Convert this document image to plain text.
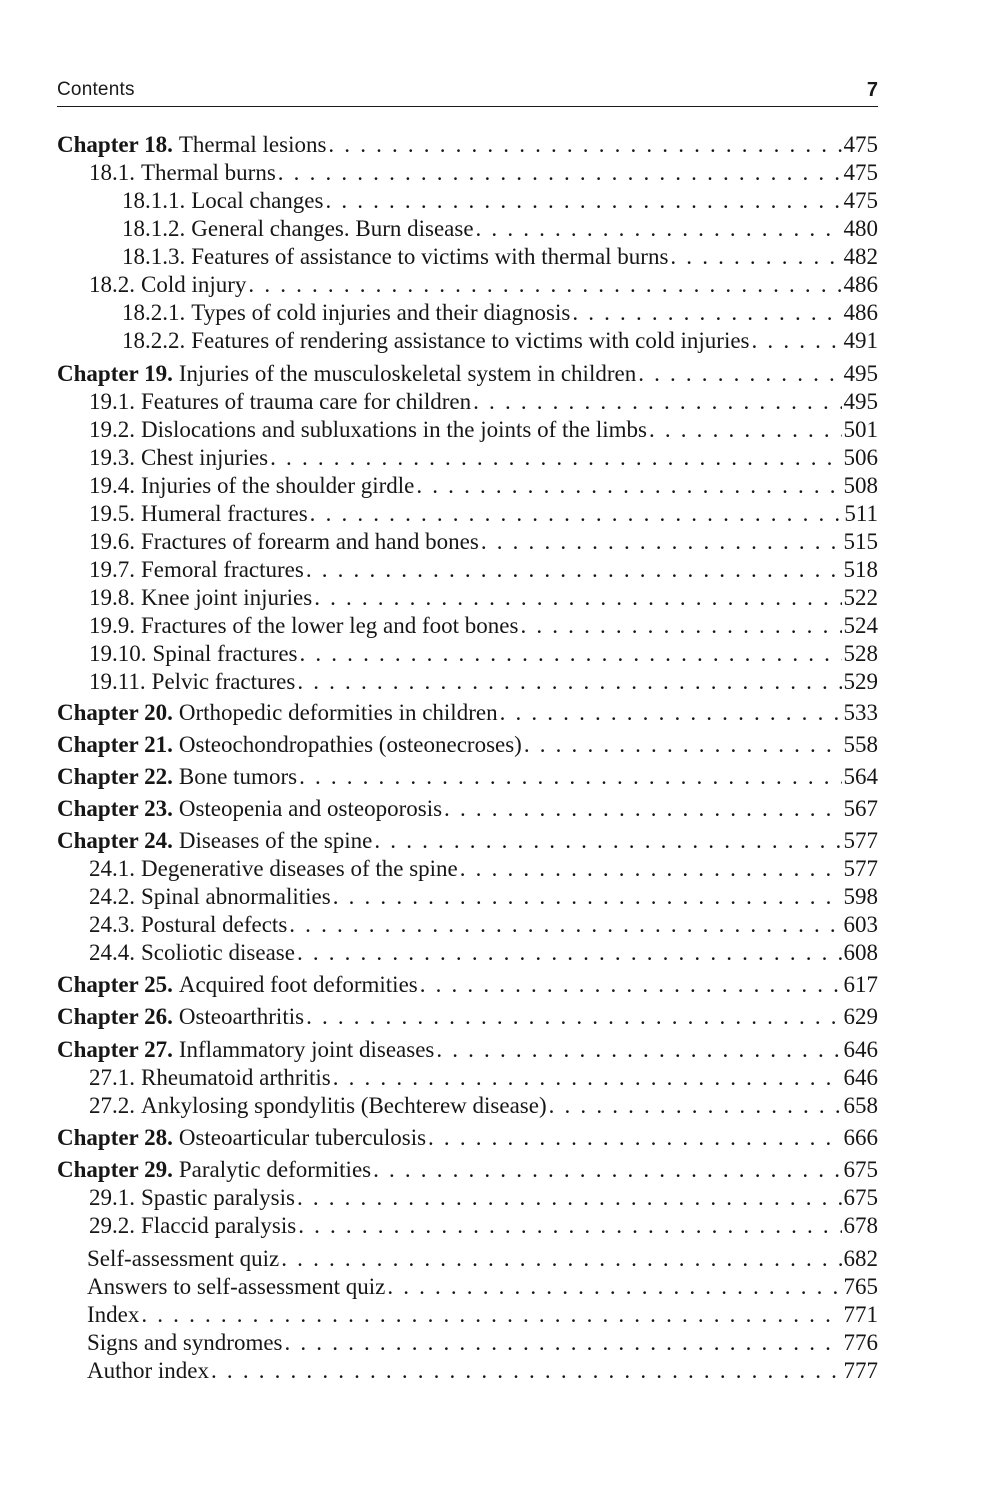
Contents	7
Chapter 18. Thermal lesions . . .	475
18.1. Thermal burns . . .	475
18.1.1. Local changes . . .	475
18.1.2. General changes. Burn disease . . .	480
18.1.3. Features of assistance to victims with thermal burns . . .	482
18.2. Cold injury . . .	486
18.2.1. Types of cold injuries and their diagnosis . . .	486
18.2.2. Features of rendering assistance to victims with cold injuries . . .	491
Chapter 19. Injuries of the musculoskeletal system in children . . .	495
19.1. Features of trauma care for children . . .	495
19.2. Dislocations and subluxations in the joints of the limbs . . .	501
19.3. Chest injuries . . .	506
19.4. Injuries of the shoulder girdle . . .	508
19.5. Humeral fractures . . .	511
19.6. Fractures of forearm and hand bones . . .	515
19.7. Femoral fractures . . .	518
19.8. Knee joint injuries . . .	522
19.9. Fractures of the lower leg and foot bones . . .	524
19.10. Spinal fractures . . .	528
19.11. Pelvic fractures . . .	529
Chapter 20. Orthopedic deformities in children . . .	533
Chapter 21. Osteochondropathies (osteonecroses) . . .	558
Chapter 22. Bone tumors . . .	564
Chapter 23. Osteopenia and osteoporosis . . .	567
Chapter 24. Diseases of the spine . . .	577
24.1. Degenerative diseases of the spine . . .	577
24.2. Spinal abnormalities . . .	598
24.3. Postural defects . . .	603
24.4. Scoliotic disease . . .	608
Chapter 25. Acquired foot deformities . . .	617
Chapter 26. Osteoarthritis . . .	629
Chapter 27. Inflammatory joint diseases . . .	646
27.1. Rheumatoid arthritis . . .	646
27.2. Ankylosing spondylitis (Bechterew disease) . . .	658
Chapter 28. Osteoarticular tuberculosis . . .	666
Chapter 29. Paralytic deformities . . .	675
29.1. Spastic paralysis . . .	675
29.2. Flaccid paralysis . . .	678
Self-assessment quiz . . .	682
Answers to self-assessment quiz . . .	765
Index . . .	771
Signs and syndromes . . .	776
Author index . . .	777
